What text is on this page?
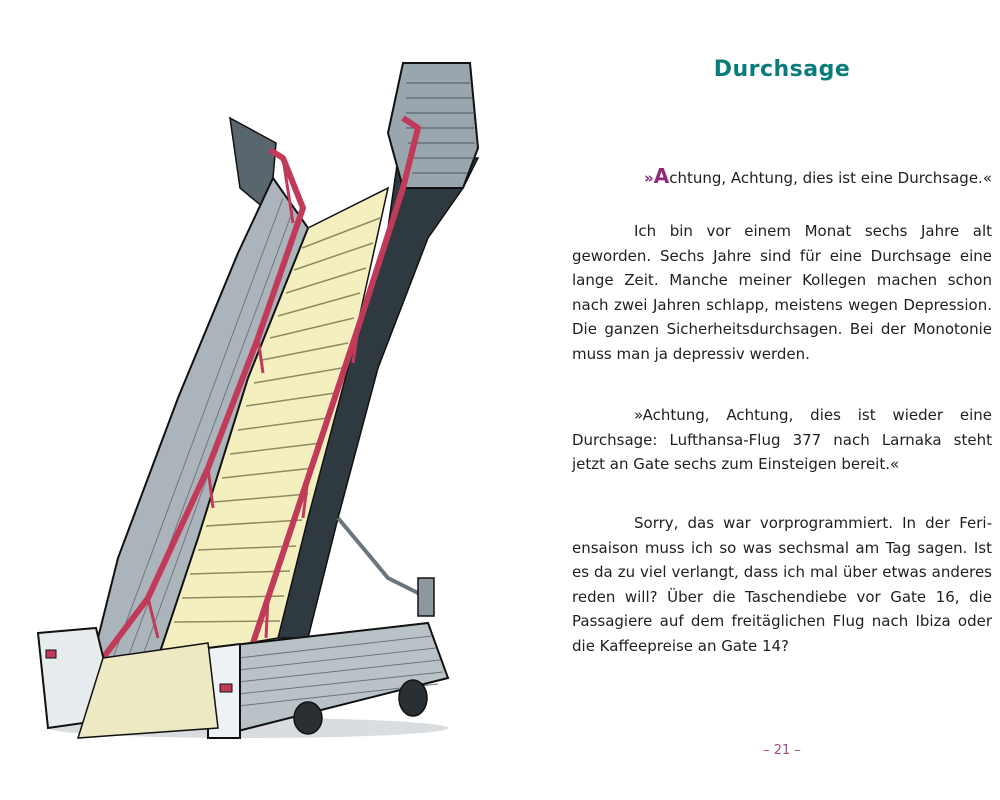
Durchsage

»Achtung, Achtung, dies ist eine Durchsage.«

Ich bin vor einem Monat sechs Jahre alt geworden. Sechs Jahre sind für eine Durchsage eine lange Zeit. Manche meiner Kollegen machen schon nach zwei Jahren schlapp, meistens wegen Depression. Die ganzen Sicherheitsdurchsagen. Bei der Monotonie muss man ja depressiv werden.

»Achtung, Achtung, dies ist wieder eine Durchsage: Lufthansa-Flug 377 nach Larnaka steht jetzt an Gate sechs zum Einsteigen bereit.«

Sorry, das war vorprogrammiert. In der Feriensaison muss ich so was sechsmal am Tag sagen. Ist es da zu viel verlangt, dass ich mal über etwas anderes reden will? Über die Taschendiebe vor Gate 16, die Passagiere auf dem freitäglichen Flug nach Ibiza oder die Kaffeepreise an Gate 14?

– 21 –
